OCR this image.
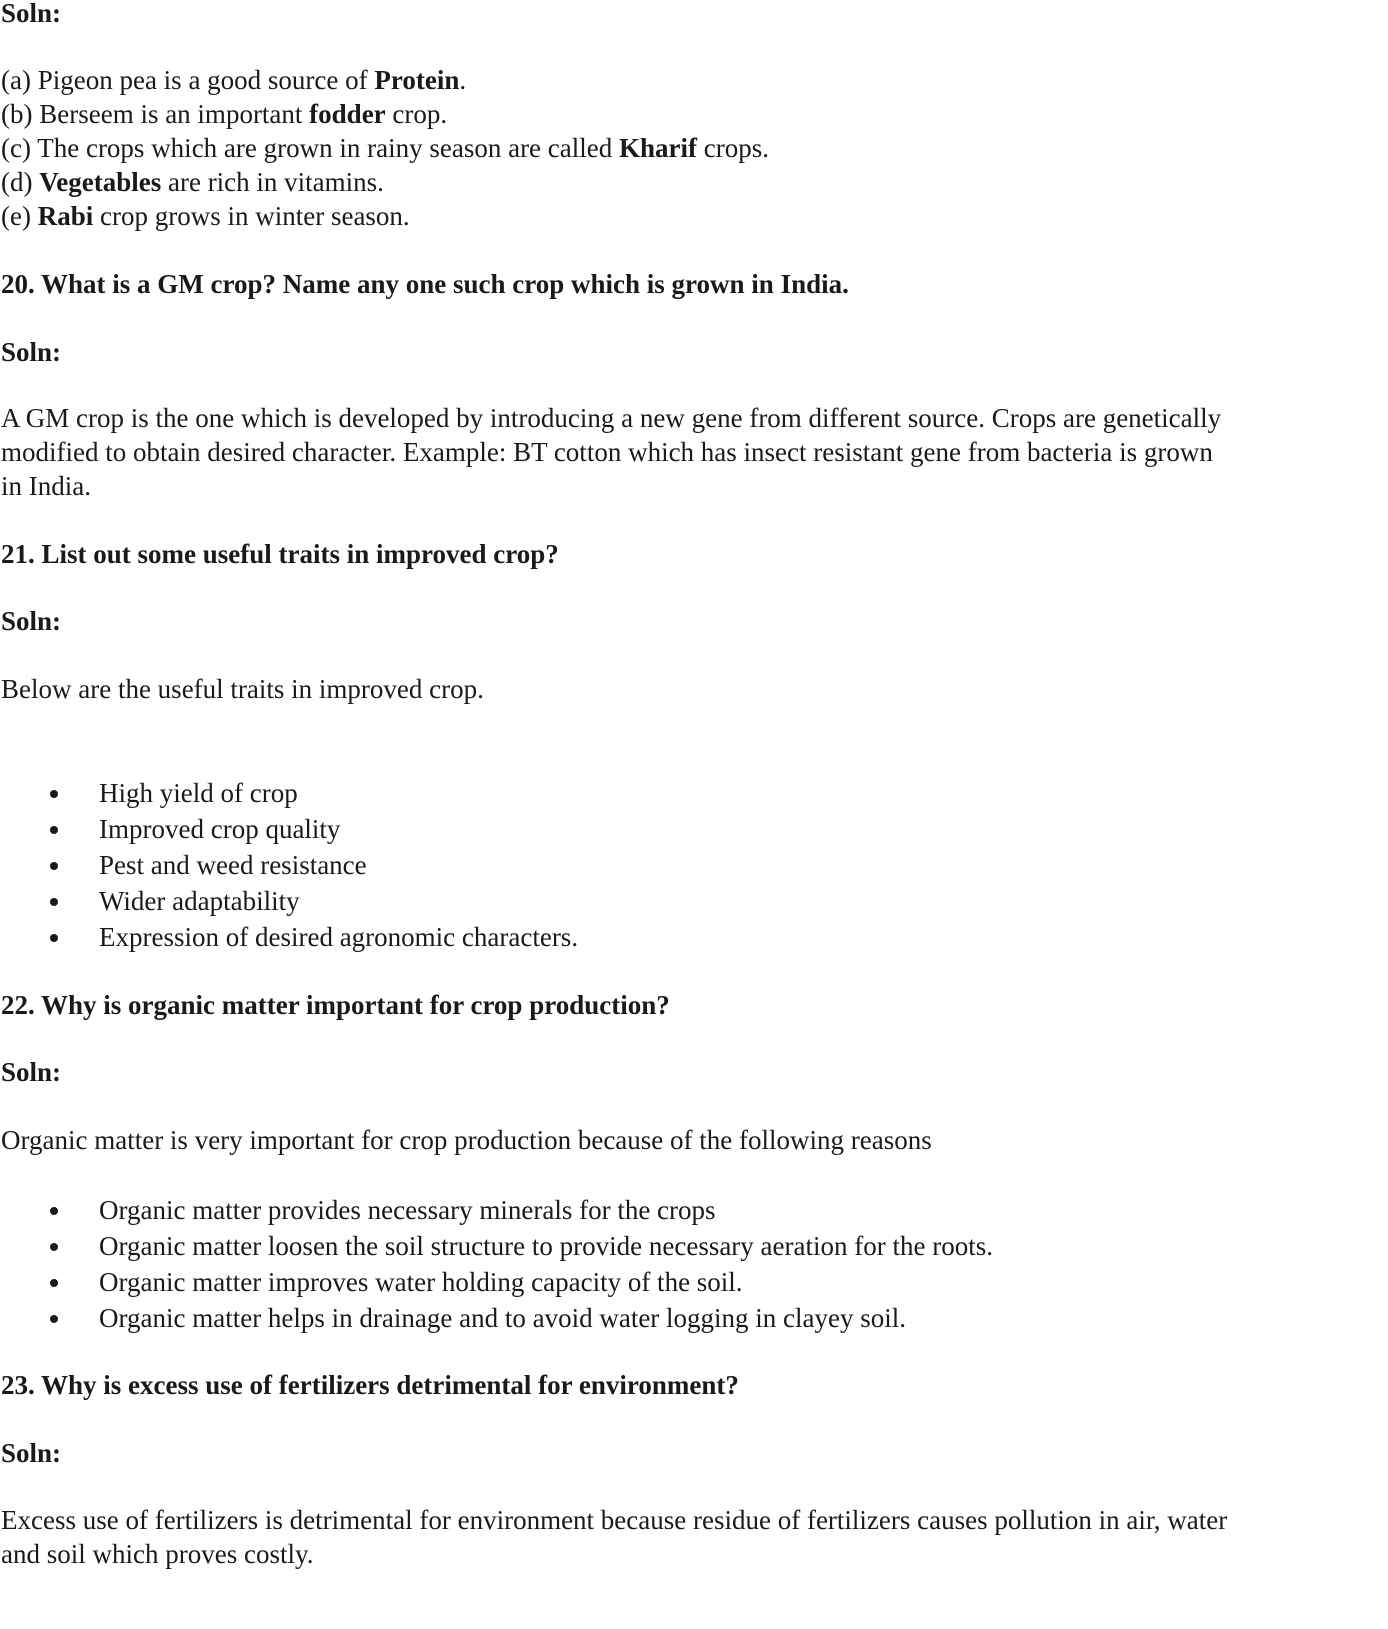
Soln:
(a) Pigeon pea is a good source of Protein.
(b) Berseem is an important fodder crop.
(c) The crops which are grown in rainy season are called Kharif crops.
(d) Vegetables are rich in vitamins.
(e) Rabi crop grows in winter season.
20. What is a GM crop? Name any one such crop which is grown in India.
Soln:
A GM crop is the one which is developed by introducing a new gene from different source. Crops are genetically
modified to obtain desired character. Example: BT cotton which has insect resistant gene from bacteria is grown
in India.
21. List out some useful traits in improved crop?
Soln:
Below are the useful traits in improved crop.
High yield of crop
Improved crop quality
Pest and weed resistance
Wider adaptability
Expression of desired agronomic characters.
22. Why is organic matter important for crop production?
Soln:
Organic matter is very important for crop production because of the following reasons
Organic matter provides necessary minerals for the crops
Organic matter loosen the soil structure to provide necessary aeration for the roots.
Organic matter improves water holding capacity of the soil.
Organic matter helps in drainage and to avoid water logging in clayey soil.
23. Why is excess use of fertilizers detrimental for environment?
Soln:
Excess use of fertilizers is detrimental for environment because residue of fertilizers causes pollution in air, water
and soil which proves costly.
